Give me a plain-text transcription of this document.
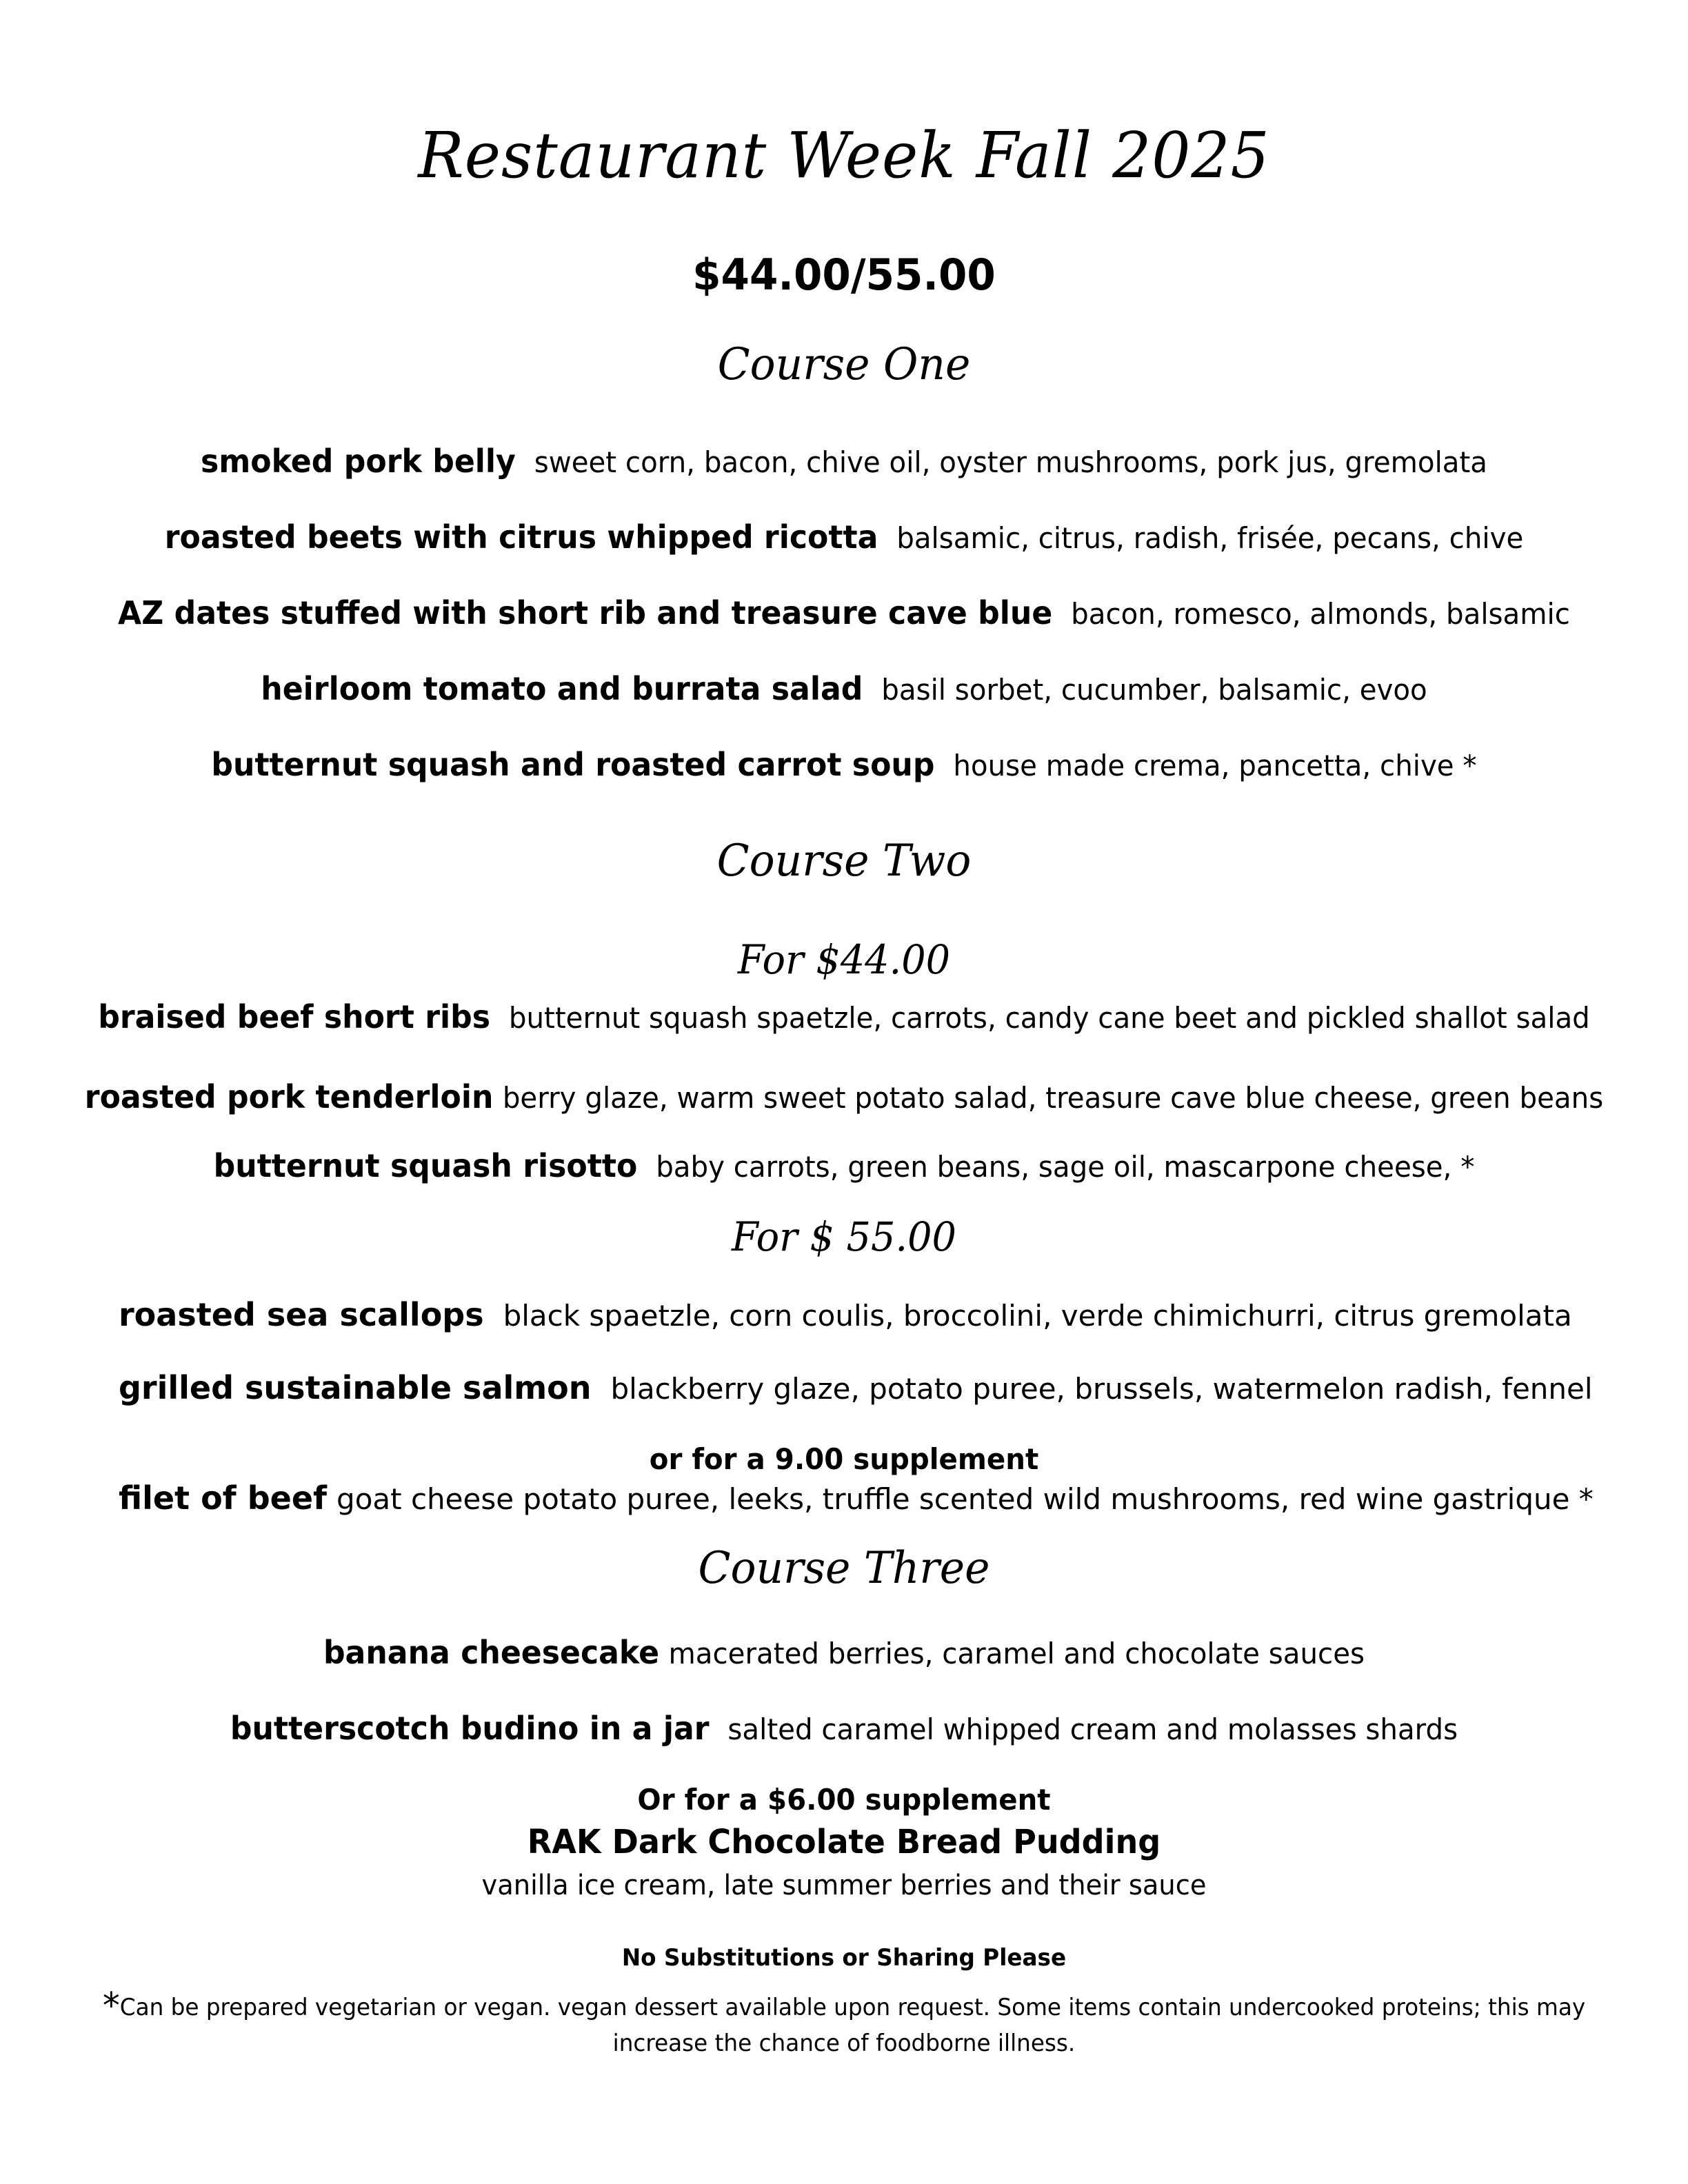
Restaurant Week Fall 2025
$44.00/55.00
Course One
smoked pork belly sweet corn, bacon, chive oil, oyster mushrooms, pork jus, gremolata
roasted beets with citrus whipped ricotta balsamic, citrus, radish, frisée, pecans, chive
AZ dates stuffed with short rib and treasure cave blue bacon, romesco, almonds, balsamic
heirloom tomato and burrata salad basil sorbet, cucumber, balsamic, evoo
butternut squash and roasted carrot soup house made crema, pancetta, chive *
Course Two
For $44.00
braised beef short ribs butternut squash spaetzle, carrots, candy cane beet and pickled shallot salad
roasted pork tenderloin berry glaze, warm sweet potato salad, treasure cave blue cheese, green beans
butternut squash risotto baby carrots, green beans, sage oil, mascarpone cheese, *
For $ 55.00
roasted sea scallops black spaetzle, corn coulis, broccolini, verde chimichurri, citrus gremolata
grilled sustainable salmon blackberry glaze, potato puree, brussels, watermelon radish, fennel
or for a 9.00 supplement
filet of beef goat cheese potato puree, leeks, truffle scented wild mushrooms, red wine gastrique *
Course Three
banana cheesecake macerated berries, caramel and chocolate sauces
butterscotch budino in a jar salted caramel whipped cream and molasses shards
Or for a $6.00 supplement
RAK Dark Chocolate Bread Pudding
vanilla ice cream, late summer berries and their sauce
No Substitutions or Sharing Please
*Can be prepared vegetarian or vegan. vegan dessert available upon request. Some items contain undercooked proteins; this may
increase the chance of foodborne illness.
